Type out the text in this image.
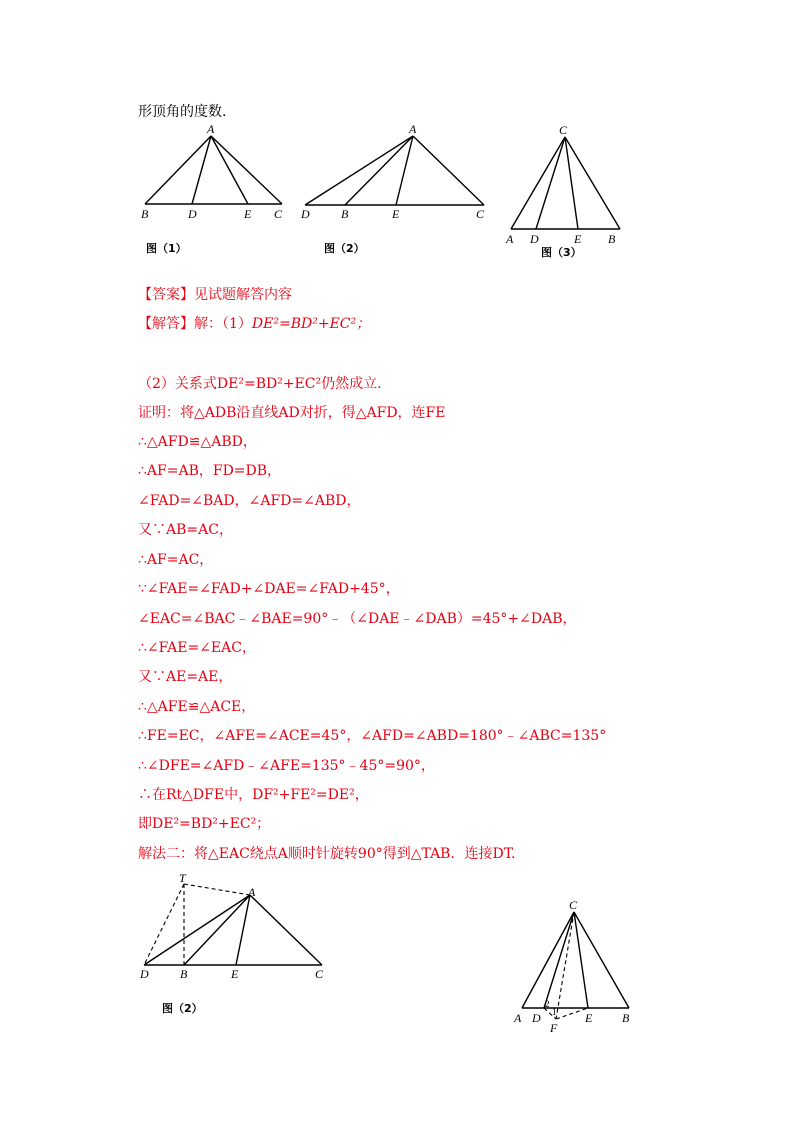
形顶角的度数.
A
B	D	E C
图（1）
A
D	B	E	C
图（2）
C
A D	E B
图（3）
【答案】见试题解答内容
【解答】解：（1）DE²=BD²+EC²；
（2）关系式DE²=BD²+EC²仍然成立.
证明：将△ADB沿直线AD对折，得△AFD，连FE
∴△AFD≌△ABD，
∴AF=AB，FD=DB，
∠FAD=∠BAD，∠AFD=∠ABD，
又∵AB=AC，
∴AF=AC，
∵∠FAE=∠FAD+∠DAE=∠FAD+45°，
∠EAC=∠BAC﹣∠BAE=90°﹣（∠DAE﹣∠DAB）=45°+∠DAB，
∴∠FAE=∠EAC，
又∵AE=AE，
∴△AFE≌△ACE，
∴FE=EC，∠AFE=∠ACE=45°，∠AFD=∠ABD=180°﹣∠ABC=135°
∴∠DFE=∠AFD﹣∠AFE=135°﹣45°=90°，
∴在Rt△DFE中，DF²+FE²=DE²，
即DE²=BD²+EC²；
解法二：将△EAC绕点A顺时针旋转90°得到△TAB．连接DT.
T
A
D	B	E	C
图（2）
C
A D	E B
F
2
1
